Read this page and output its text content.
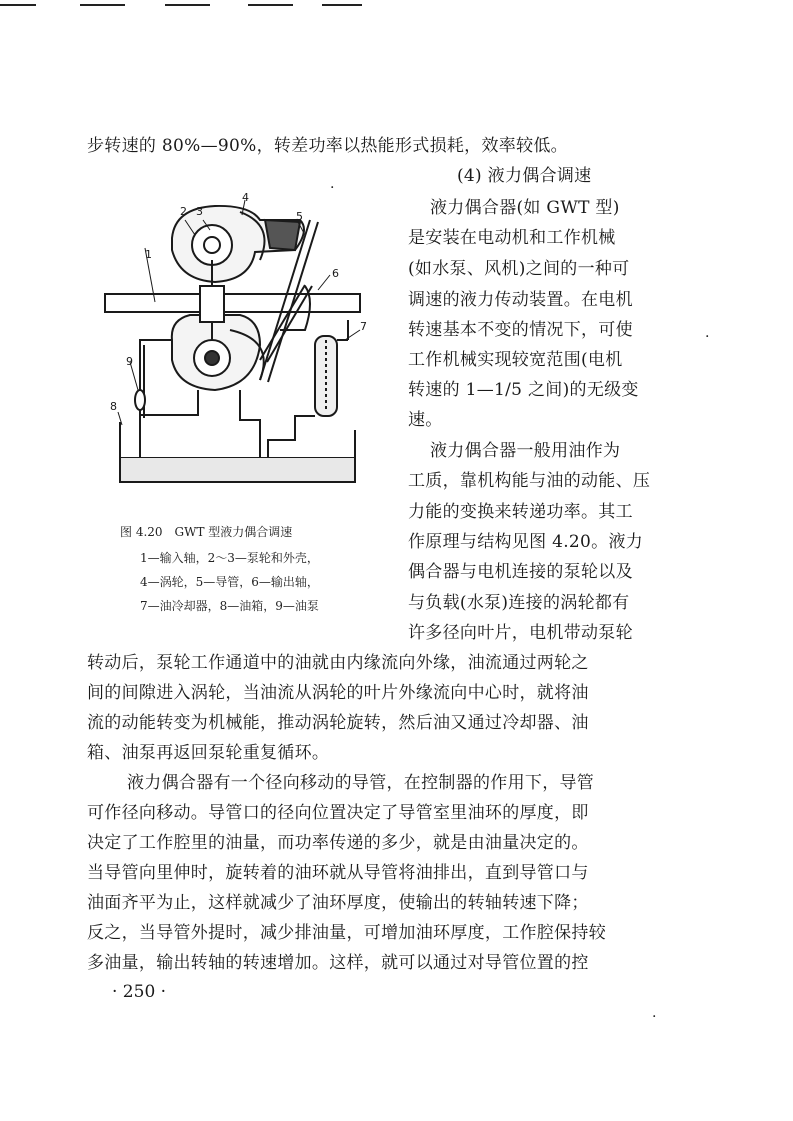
步转速的 80%—90%，转差功率以热能形式损耗，效率较低。
(4) 液力偶合调速
液力偶合器(如 GWT 型)
是安装在电动机和工作机械
(如水泵、风机)之间的一种可
调速的液力传动装置。在电机
转速基本不变的情况下，可使
工作机械实现较宽范围(电机
转速的 1—1/5 之间)的无级变
速。
液力偶合器一般用油作为
工质，靠机构能与油的动能、压
力能的变换来转递功率。其工
作原理与结构见图 4.20。液力
偶合器与电机连接的泵轮以及
与负载(水泵)连接的涡轮都有
许多径向叶片，电机带动泵轮
1
2 3
4
5
6
7
8
9
图 4.20　GWT 型液力偶合调速
1—输入轴，2～3—泵轮和外壳，
4—涡轮，5—导管，6—输出轴，
7—油冷却器，8—油箱，9—油泵
转动后，泵轮工作通道中的油就由内缘流向外缘，油流通过两轮之
间的间隙进入涡轮，当油流从涡轮的叶片外缘流向中心时，就将油
流的动能转变为机械能，推动涡轮旋转，然后油又通过冷却器、油
箱、油泵再返回泵轮重复循环。
液力偶合器有一个径向移动的导管，在控制器的作用下，导管
可作径向移动。导管口的径向位置决定了导管室里油环的厚度，即
决定了工作腔里的油量，而功率传递的多少，就是由油量决定的。
当导管向里伸时，旋转着的油环就从导管将油排出，直到导管口与
油面齐平为止，这样就减少了油环厚度，使输出的转轴转速下降；
反之，当导管外提时，减少排油量，可增加油环厚度，工作腔保持较
多油量，输出转轴的转速增加。这样，就可以通过对导管位置的控
· 250 ·
.
.
.
